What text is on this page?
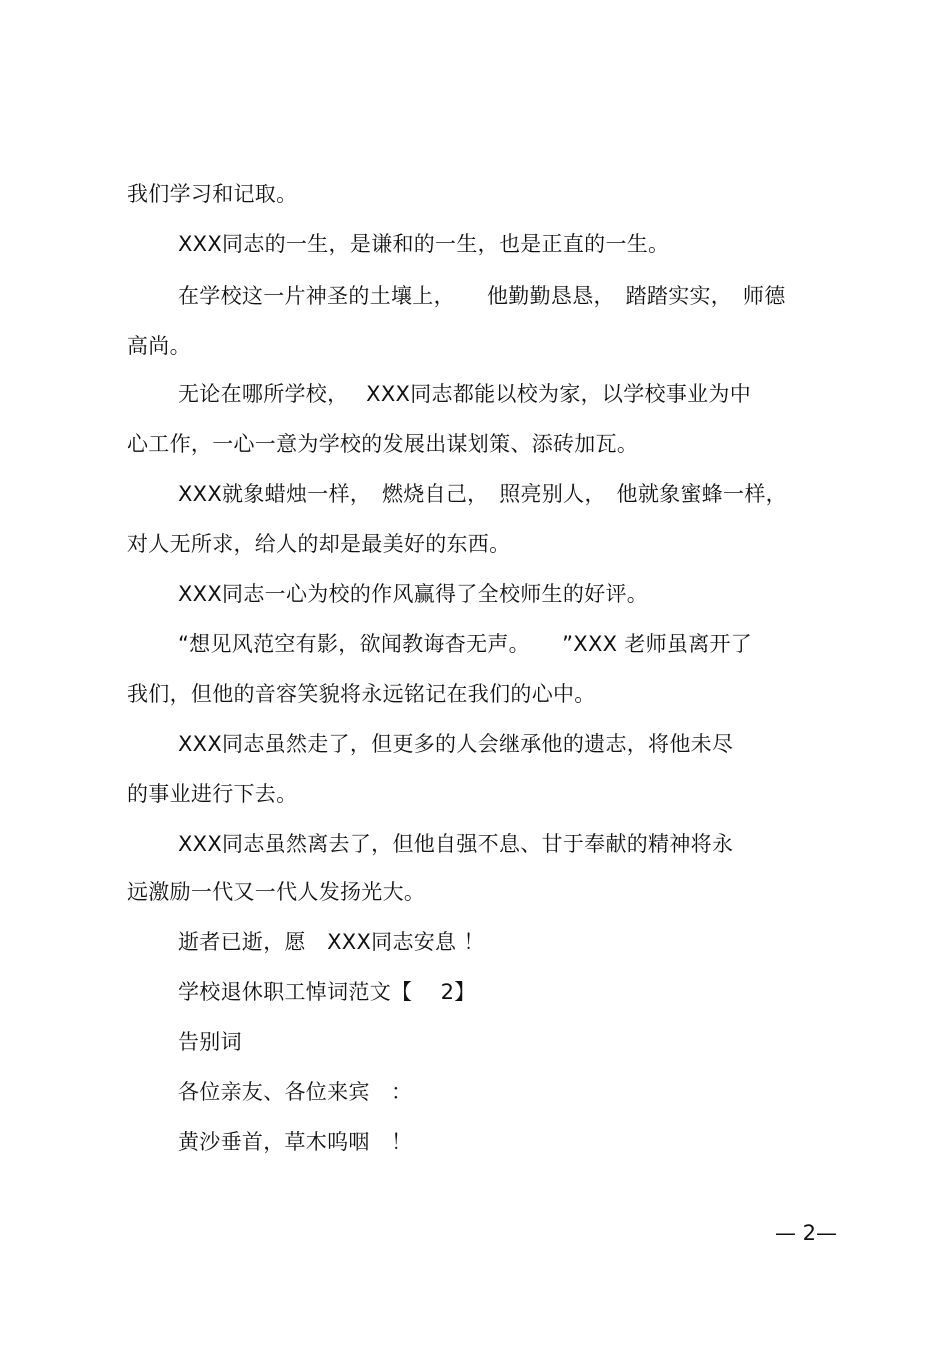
我们学习和记取。
XXX同志的一生，是谦和的一生，也是正直的一生。
在学校这一片神圣的土壤上，　　他勤勤恳恳，　踏踏实实，　师德
高尚。
无论在哪所学校，　 XXX同志都能以校为家，以学校事业为中
心工作，一心一意为学校的发展出谋划策、添砖加瓦。
XXX就象蜡烛一样，　燃烧自己，　照亮别人，　他就象蜜蜂一样，
对人无所求，给人的却是最美好的东西。
XXX同志一心为校的作风赢得了全校师生的好评。
“想见风范空有影，欲闻教诲杳无声。　　”XXX 老师虽离开了
我们，但他的音容笑貌将永远铭记在我们的心中。
XXX同志虽然走了，但更多的人会继承他的遗志，将他未尽
的事业进行下去。
XXX同志虽然离去了，但他自强不息、甘于奉献的精神将永
远激励一代又一代人发扬光大。
逝者已逝，愿　XXX同志安息 ！
学校退休职工悼词范文【　 2】
告别词
各位亲友、各位来宾　：
黄沙垂首，草木呜咽　！
— 2—
